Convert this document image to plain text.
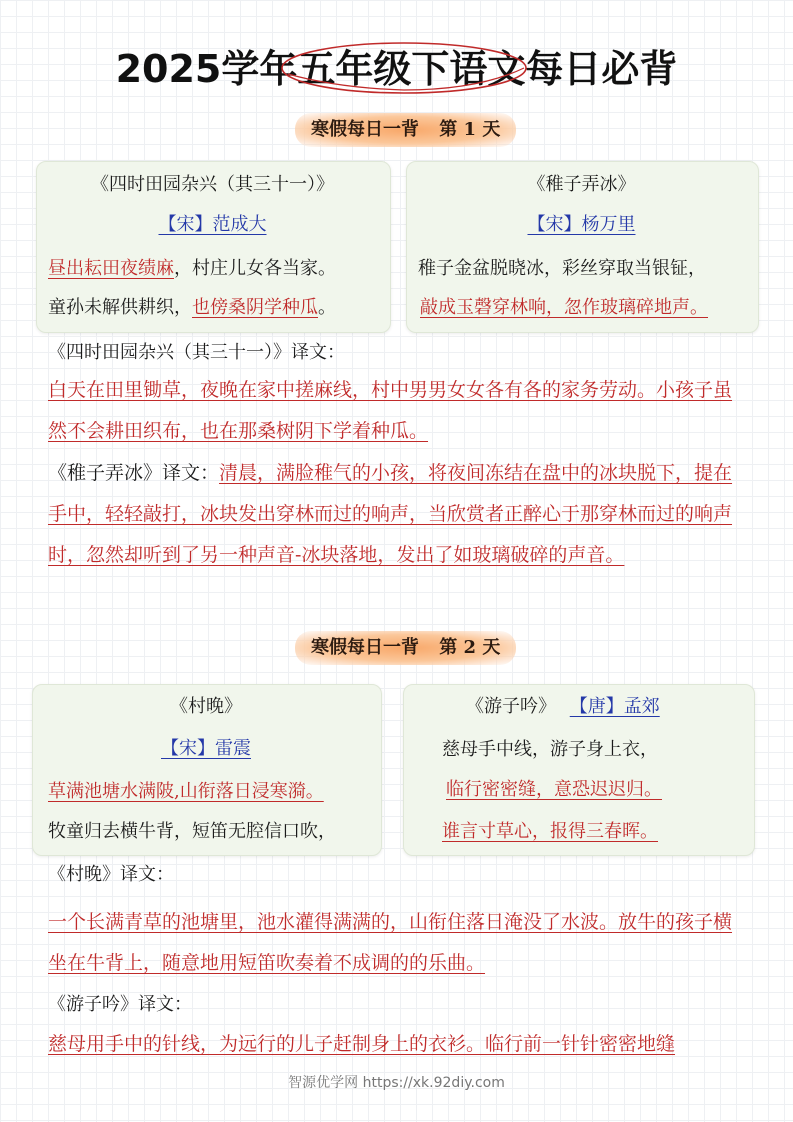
2025学年五年级下语文每日必背
寒假每日一背 第 1 天
《四时田园杂兴（其三十一）》
【宋】范成大
昼出耘田夜绩麻，村庄儿女各当家。
童孙未解供耕织，也傍桑阴学种瓜。
《稚子弄冰》
【宋】杨万里
稚子金盆脱晓冰，彩丝穿取当银钲，
敲成玉磬穿林响，忽作玻璃碎地声。
《四时田园杂兴（其三十一）》译文：
白天在田里锄草，夜晚在家中搓麻线，村中男男女女各有各的家务劳动。小孩子虽然不会耕田织布，也在那桑树阴下学着种瓜。
《稚子弄冰》译文：清晨，满脸稚气的小孩，将夜间冻结在盘中的冰块脱下，提在手中，轻轻敲打，冰块发出穿林而过的响声，当欣赏者正醉心于那穿林而过的响声时，忽然却听到了另一种声音-冰块落地，发出了如玻璃破碎的声音。
寒假每日一背 第 2 天
《村晚》
【宋】雷震
草满池塘水满陂,山衔落日浸寒漪。
牧童归去横牛背，短笛无腔信口吹，
《游子吟》 【唐】孟郊
慈母手中线，游子身上衣，
临行密密缝，意恐迟迟归。
谁言寸草心，报得三春晖。
《村晚》译文：
一个长满青草的池塘里，池水灌得满满的，山衔住落日淹没了水波。放牛的孩子横坐在牛背上，随意地用短笛吹奏着不成调的的乐曲。
《游子吟》译文：
慈母用手中的针线，为远行的儿子赶制身上的衣衫。临行前一针针密密地缝
智源优学网 https://xk.92diy.com
